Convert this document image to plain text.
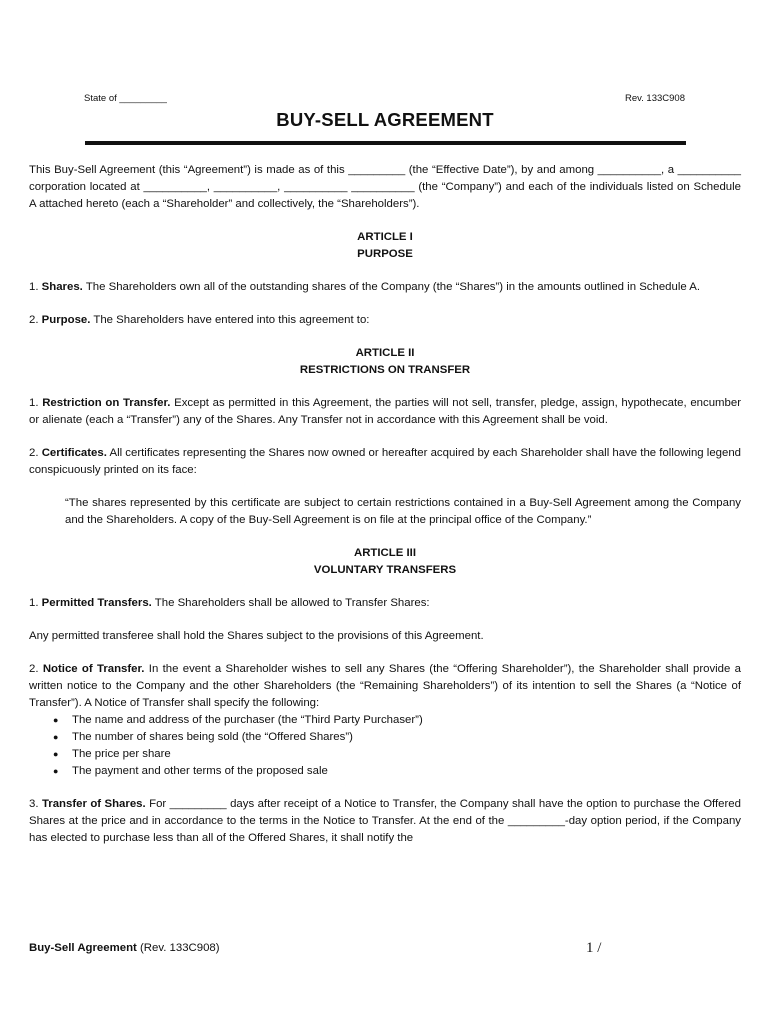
State of _________	Rev. 133C908
BUY-SELL AGREEMENT

This Buy-Sell Agreement (this “Agreement”) is made as of this _________ (the “Effective Date”), by and among __________, a __________ corporation located at __________, __________, __________ __________ (the “Company”) and each of the individuals listed on Schedule A attached hereto (each a “Shareholder” and collectively, the “Shareholders”).

ARTICLE I
PURPOSE

1. Shares. The Shareholders own all of the outstanding shares of the Company (the “Shares”) in the amounts outlined in Schedule A.

2. Purpose. The Shareholders have entered into this agreement to:

ARTICLE II
RESTRICTIONS ON TRANSFER

1. Restriction on Transfer. Except as permitted in this Agreement, the parties will not sell, transfer, pledge, assign, hypothecate, encumber or alienate (each a “Transfer”) any of the Shares. Any Transfer not in accordance with this Agreement shall be void.

2. Certificates. All certificates representing the Shares now owned or hereafter acquired by each Shareholder shall have the following legend conspicuously printed on its face:

“The shares represented by this certificate are subject to certain restrictions contained in a Buy-Sell Agreement among the Company and the Shareholders. A copy of the Buy-Sell Agreement is on file at the principal office of the Company.”

ARTICLE III
VOLUNTARY TRANSFERS

1. Permitted Transfers. The Shareholders shall be allowed to Transfer Shares:

Any permitted transferee shall hold the Shares subject to the provisions of this Agreement.

2. Notice of Transfer. In the event a Shareholder wishes to sell any Shares (the “Offering Shareholder”), the Shareholder shall provide a written notice to the Company and the other Shareholders (the “Remaining Shareholders”) of its intention to sell the Shares (a “Notice of Transfer”). A Notice of Transfer shall specify the following:

● The name and address of the purchaser (the “Third Party Purchaser”)
● The number of shares being sold (the “Offered Shares”)
● The price per share
● The payment and other terms of the proposed sale

3. Transfer of Shares. For _________ days after receipt of a Notice to Transfer, the Company shall have the option to purchase the Offered Shares at the price and in accordance to the terms in the Notice to Transfer. At the end of the _________-day option period, if the Company has elected to purchase less than all of the Offered Shares, it shall notify the

Buy-Sell Agreement (Rev. 133C908)	1 /
